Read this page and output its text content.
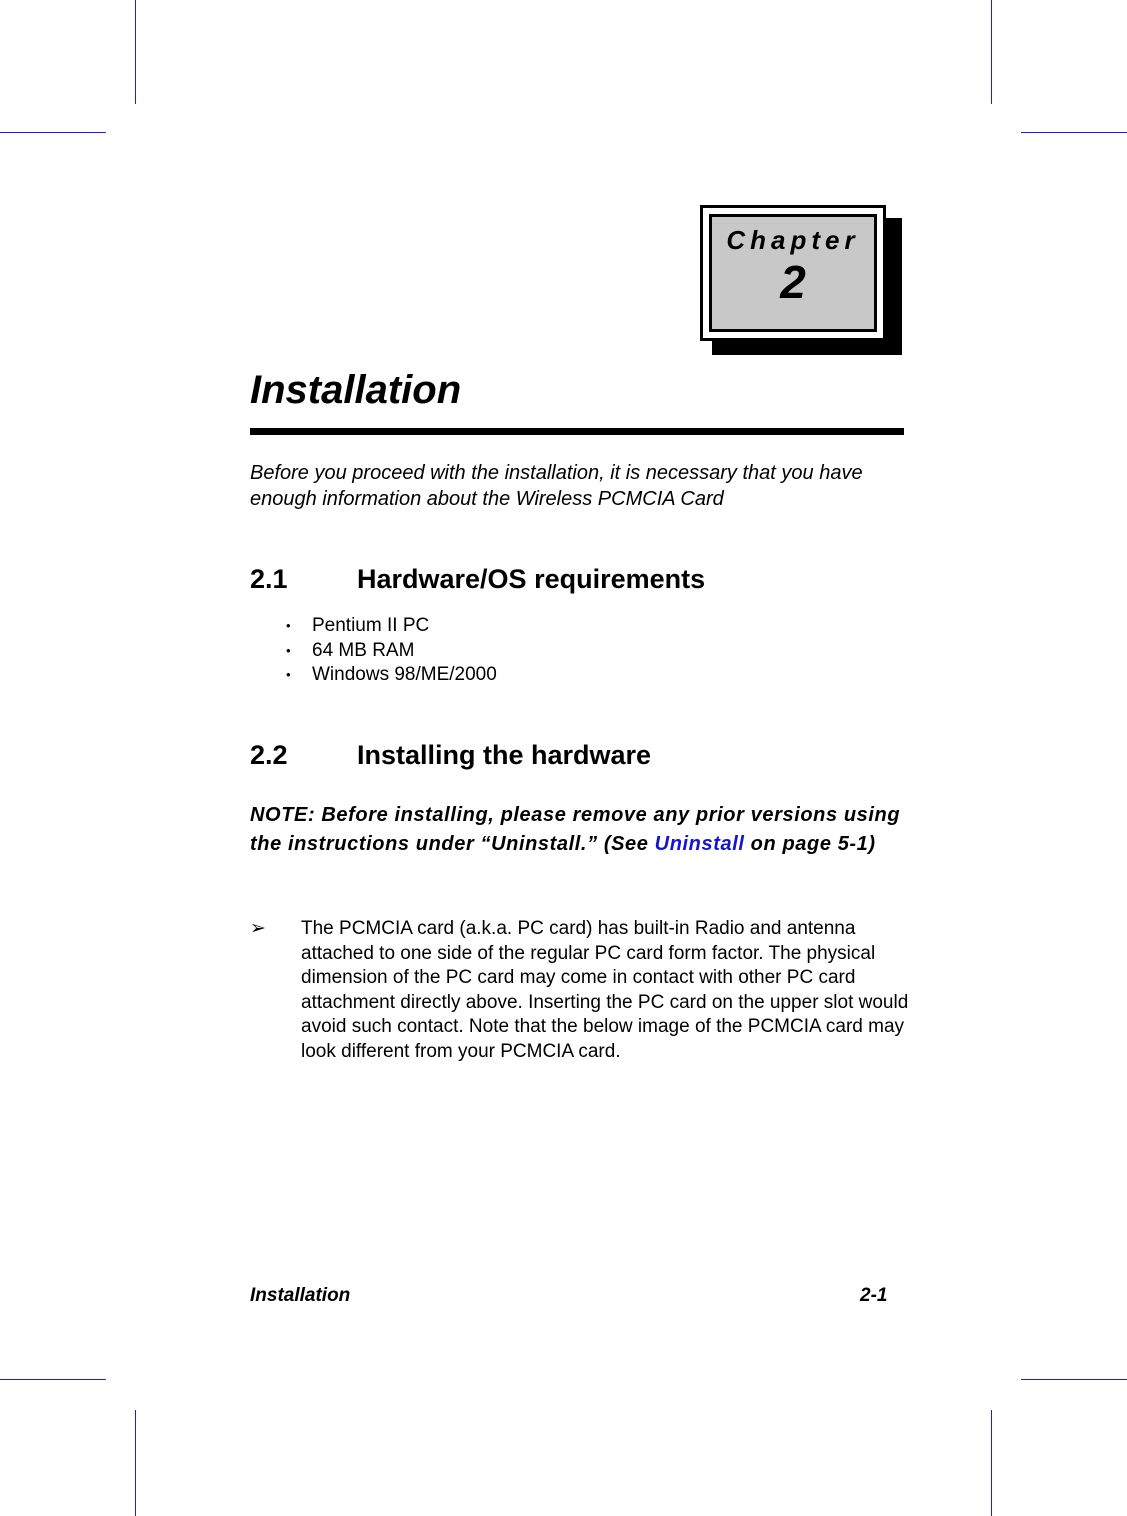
Chapter
2
Installation

Before you proceed with the installation, it is necessary that you have enough information about the Wireless PCMCIA Card

2.1	Hardware/OS requirements
• Pentium II PC
• 64 MB RAM
• Windows 98/ME/2000
2.2	Installing the hardware

NOTE: Before installing, please remove any prior versions using the instructions under “Uninstall.” (See Uninstall on page 5-1)

➢ The PCMCIA card (a.k.a. PC card) has built-in Radio and antenna attached to one side of the regular PC card form factor. The physical dimension of the PC card may come in contact with other PC card attachment directly above. Inserting the PC card on the upper slot would avoid such contact. Note that the below image of the PCMCIA card may look different from your PCMCIA card.

Installation	2-1
